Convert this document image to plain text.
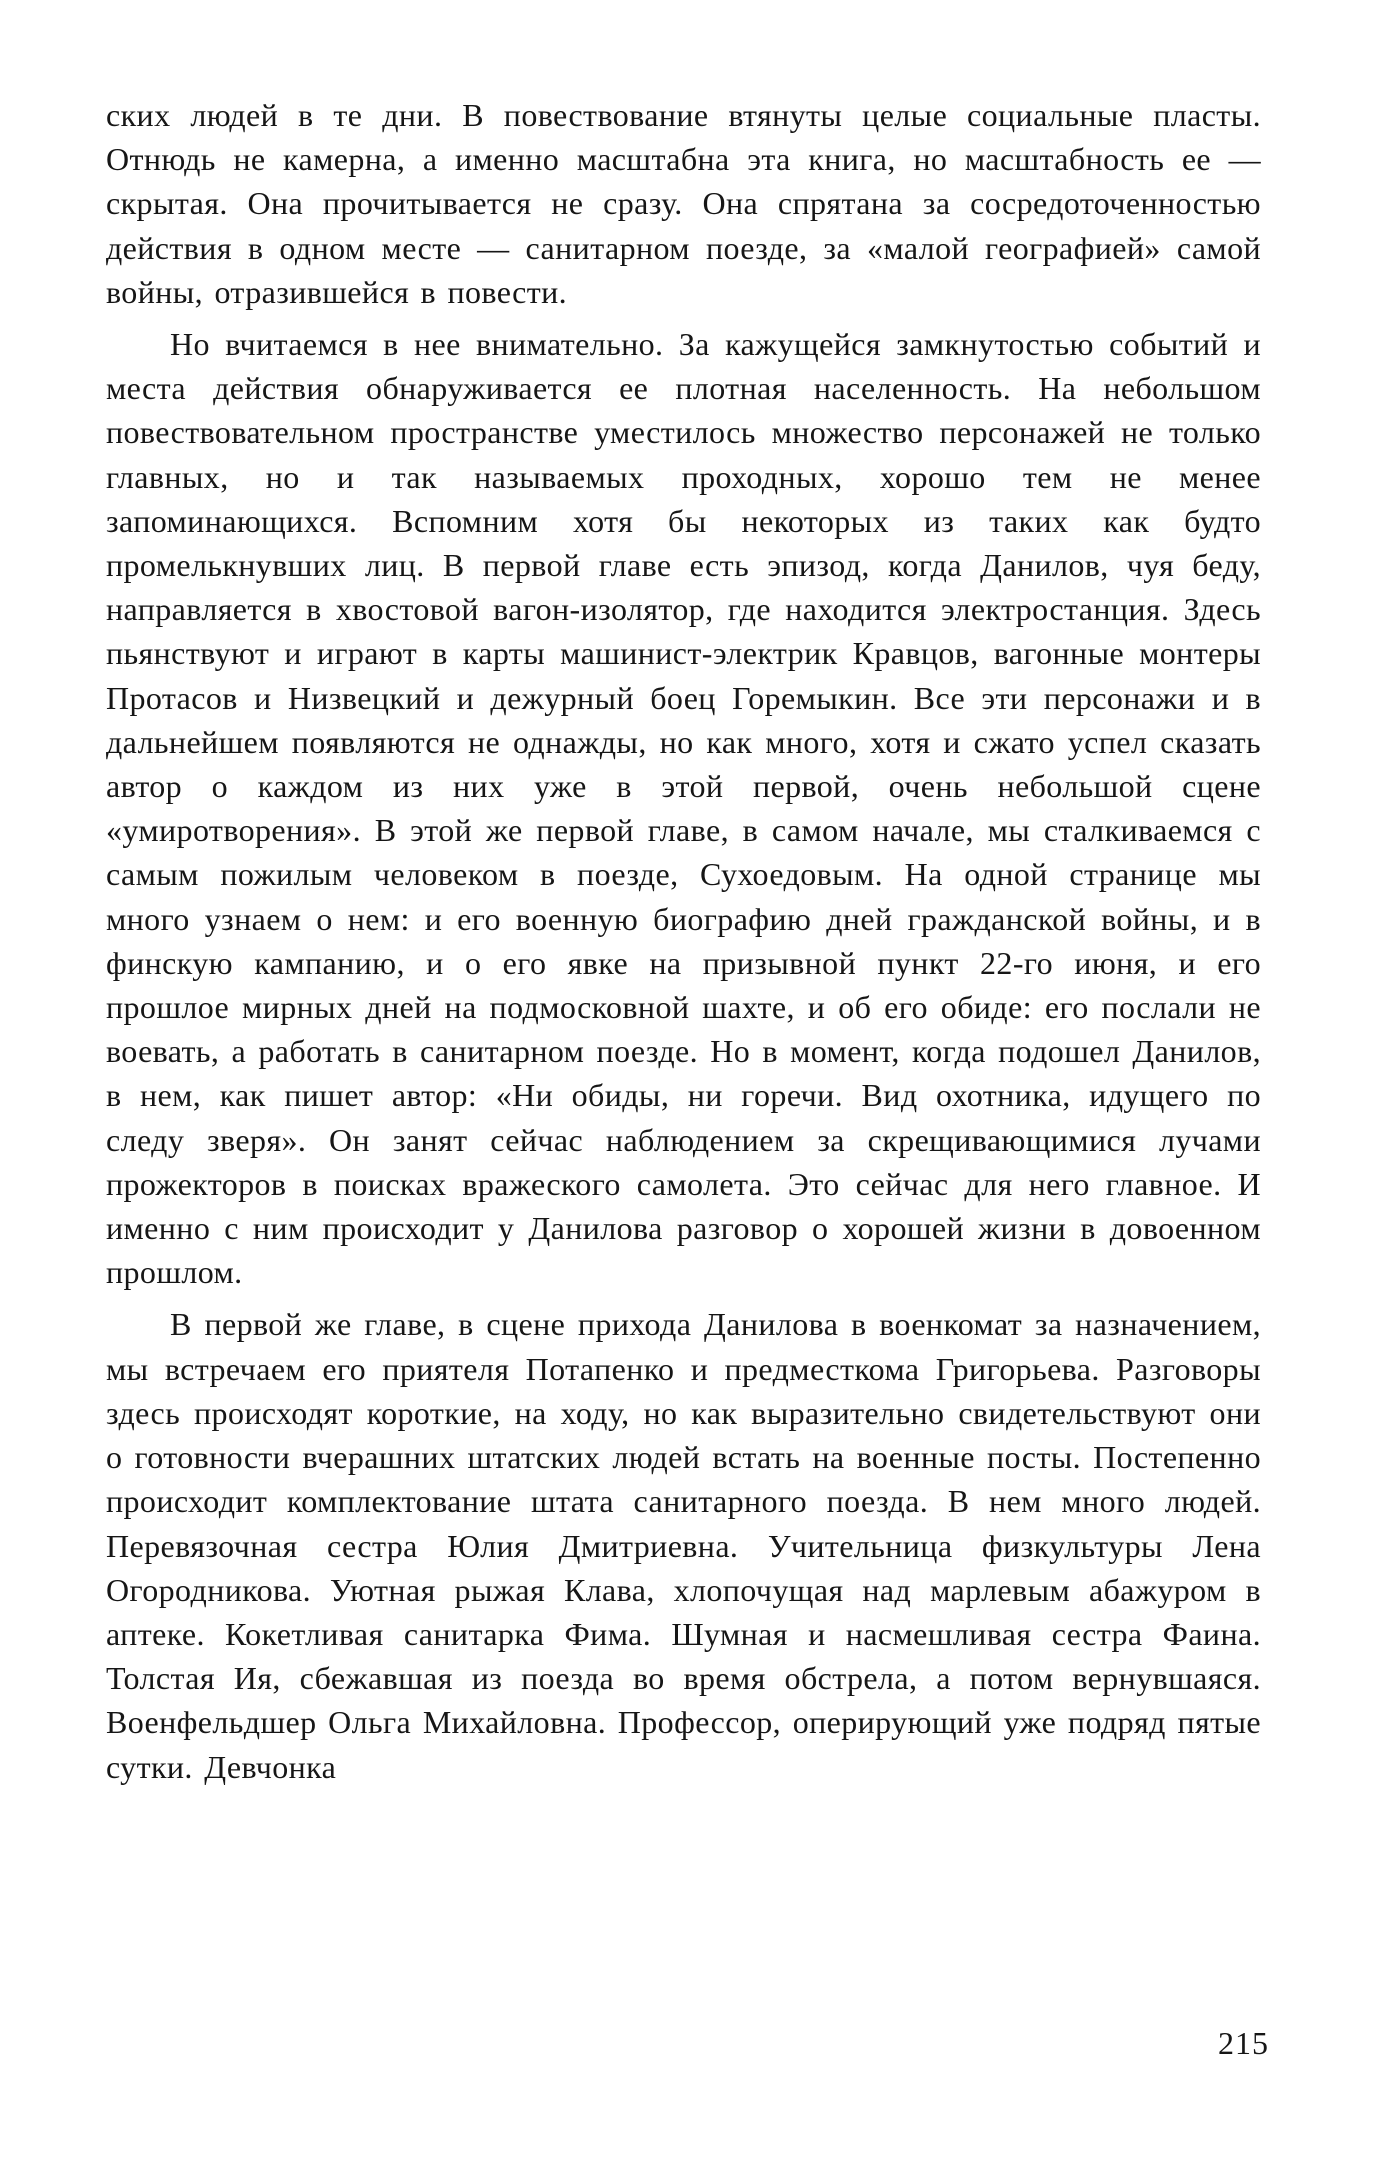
ских людей в те дни. В повествование втянуты целые социальные пласты. Отнюдь не камерна, а именно масштабна эта книга, но масштабность ее — скрытая. Она прочитывается не сразу. Она спрятана за сосредоточенностью действия в одном месте — санитарном поезде, за «малой географией» самой войны, отразившейся в повести.

Но вчитаемся в нее внимательно. За кажущейся замкнутостью событий и места действия обнаруживается ее плотная населенность. На небольшом повествовательном пространстве уместилось множество персонажей не только главных, но и так называемых проходных, хорошо тем не менее запоминающихся. Вспомним хотя бы некоторых из таких как будто промелькнувших лиц. В первой главе есть эпизод, когда Данилов, чуя беду, направляется в хвостовой вагон-изолятор, где находится электростанция. Здесь пьянствуют и играют в карты машинист-электрик Кравцов, вагонные монтеры Протасов и Низвецкий и дежурный боец Горемыкин. Все эти персонажи и в дальнейшем появляются не однажды, но как много, хотя и сжато успел сказать автор о каждом из них уже в этой первой, очень небольшой сцене «умиротворения». В этой же первой главе, в самом начале, мы сталкиваемся с самым пожилым человеком в поезде, Сухоедовым. На одной странице мы много узнаем о нем: и его военную биографию дней гражданской войны, и в финскую кампанию, и о его явке на призывной пункт 22-го июня, и его прошлое мирных дней на подмосковной шахте, и об его обиде: его послали не воевать, а работать в санитарном поезде. Но в момент, когда подошел Данилов, в нем, как пишет автор: «Ни обиды, ни горечи. Вид охотника, идущего по следу зверя». Он занят сейчас наблюдением за скрещивающимися лучами прожекторов в поисках вражеского самолета. Это сейчас для него главное. И именно с ним происходит у Данилова разговор о хорошей жизни в довоенном прошлом.

В первой же главе, в сцене прихода Данилова в военкомат за назначением, мы встречаем его приятеля Потапенко и предместкома Григорьева. Разговоры здесь происходят короткие, на ходу, но как выразительно свидетельствуют они о готовности вчерашних штатских людей встать на военные посты. Постепенно происходит комплектование штата санитарного поезда. В нем много людей. Перевязочная сестра Юлия Дмитриевна. Учительница физкультуры Лена Огородникова. Уютная рыжая Клава, хлопочущая над марлевым абажуром в аптеке. Кокетливая санитарка Фима. Шумная и насмешливая сестра Фаина. Толстая Ия, сбежавшая из поезда во время обстрела, а потом вернувшаяся. Военфельдшер Ольга Михайловна. Профессор, оперирующий уже подряд пятые сутки. Девчонка

215
